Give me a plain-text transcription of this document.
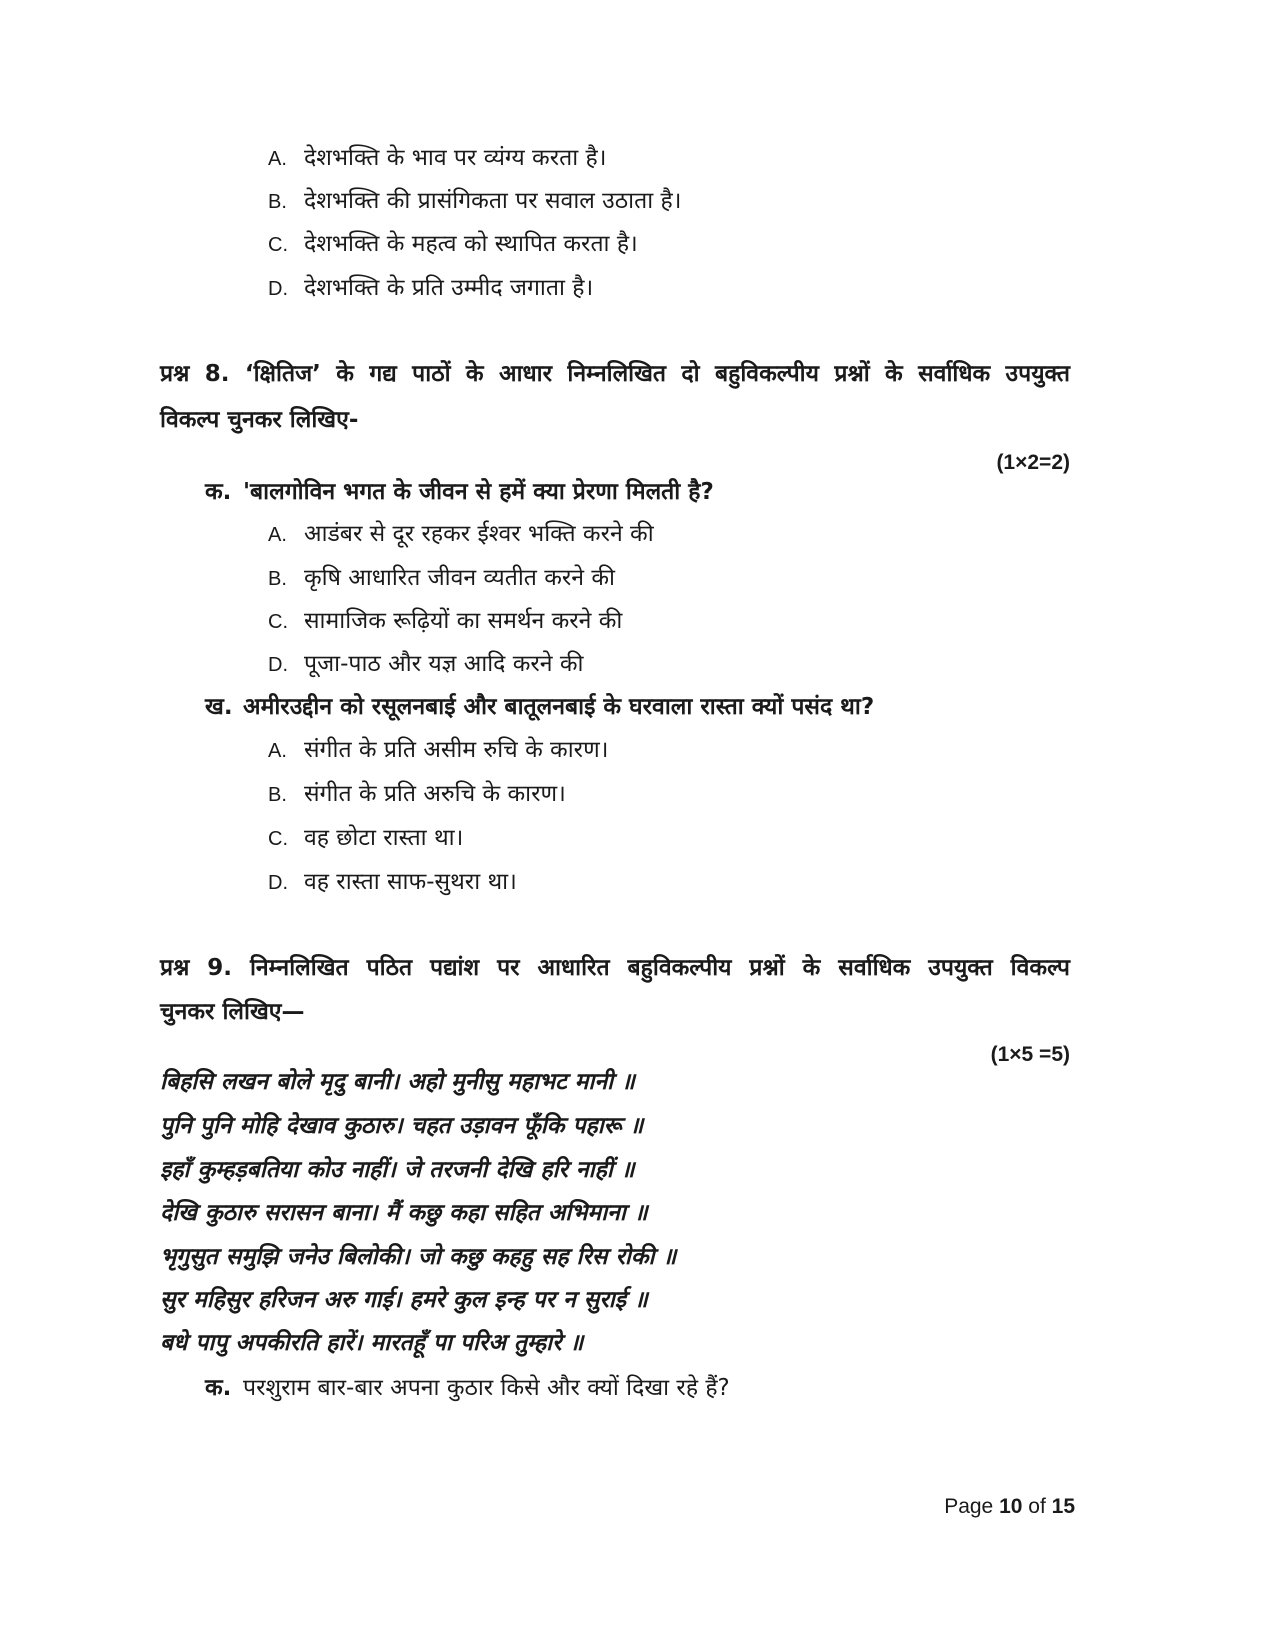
A. देशभक्ति के भाव पर व्यंग्य करता है।
B. देशभक्ति की प्रासंगिकता पर सवाल उठाता है।
C. देशभक्ति के महत्व को स्थापित करता है।
D. देशभक्ति के प्रति उम्मीद जगाता है।
प्रश्न 8. ‘क्षितिज’ के गद्य पाठों के आधार निम्नलिखित दो बहुविकल्पीय प्रश्नों के सर्वाधिक उपयुक्त
विकल्प चुनकर लिखिए-
(1×2=2)
क. 'बालगोविन भगत के जीवन से हमें क्या प्रेरणा मिलती है?
A. आडंबर से दूर रहकर ईश्वर भक्ति करने की
B. कृषि आधारित जीवन व्यतीत करने की
C. सामाजिक रूढ़ियों का समर्थन करने की
D. पूजा-पाठ और यज्ञ आदि करने की
ख. अमीरउद्दीन को रसूलनबाई और बातूलनबाई के घरवाला रास्ता क्यों पसंद था?
A. संगीत के प्रति असीम रुचि के कारण।
B. संगीत के प्रति अरुचि के कारण।
C. वह छोटा रास्ता था।
D. वह रास्ता साफ-सुथरा था।
प्रश्न 9. निम्नलिखित पठित पद्यांश पर आधारित बहुविकल्पीय प्रश्नों के सर्वाधिक उपयुक्त विकल्प
चुनकर लिखिए—
(1×5 =5)
बिहसि लखन बोले मृदु बानी। अहो मुनीसु महाभट मानी ॥
पुनि पुनि मोहि देखाव कुठारु। चहत उड़ावन फूँकि पहारू ॥
इहाँ कुम्हड़बतिया कोउ नाहीं। जे तरजनी देखि हरि नाहीं ॥
देखि कुठारु सरासन बाना। मैं कछु कहा सहित अभिमाना ॥
भृगुसुत समुझि जनेउ बिलोकी। जो कछु कहहु सह रिस रोकी ॥
सुर महिसुर हरिजन अरु गाई। हमरे कुल इन्ह पर न सुराई ॥
बधे पापु अपकीरति हारें। मारतहूँ पा परिअ तुम्हारे ॥
क. परशुराम बार-बार अपना कुठार किसे और क्यों दिखा रहे हैं?
Page 10 of 15
